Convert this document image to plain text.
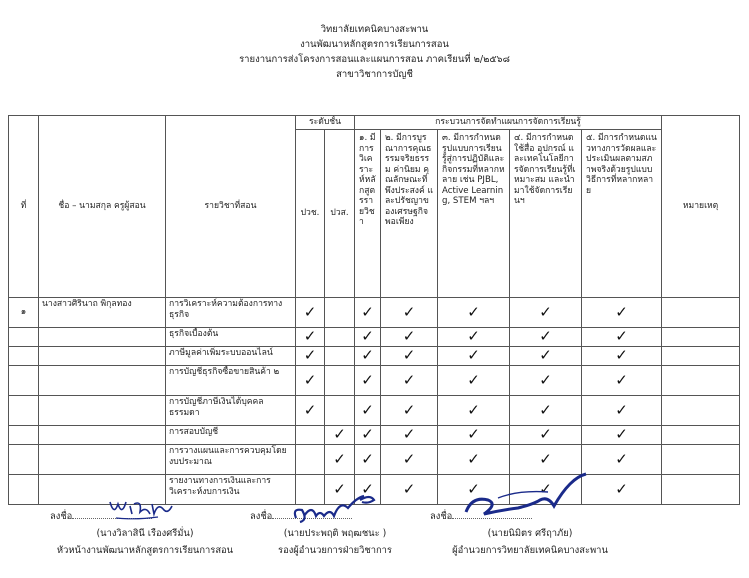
วิทยาลัยเทคนิคบางสะพาน
งานพัฒนาหลักสูตรการเรียนการสอน
รายงานการส่งโครงการสอนและแผนการสอน ภาคเรียนที่ ๒/๒๕๖๘
สาขาวิชาการบัญชี
ที่	ชื่อ – นามสกุล ครูผู้สอน	รายวิชาที่สอน	ระดับชั้น		กระบวนการจัดทำแผนการจัดการเรียนรู้					หมายเหตุ
			ปวช.	ปวส.	๑. มีการวิเคราะห์หลักสูตรรายวิชา	๒. มีการบูรณาการคุณธรรมจริยธรรม ค่านิยม คุณลักษณะที่พึงประสงค์ และปรัชญาของเศรษฐกิจพอเพียง	๓. มีการกำหนดรูปแบบการเรียนรู้สู่การปฏิบัติและกิจกรรมที่หลากหลาย เช่น PJBL, Active Learning, STEM ฯลฯ	๔. มีการกำหนดใช้สื่อ อุปกรณ์ และเทคโนโลยีการจัดการเรียนรู้ที่เหมาะสม และนำมาใช้จัดการเรียนฯ	๕. มีการกำหนดแนวทางการวัดผลและประเมินผลตามสภาพจริงด้วยรูปแบบวิธีการที่หลากหลาย	
๑	นางสาวศิรินาถ พิกุลทอง	การวิเคราะห์ความต้องการทางธุรกิจ	✓		✓	✓	✓	✓	✓	
		ธุรกิจเบื้องต้น	✓		✓	✓	✓	✓	✓	
		ภาษีมูลค่าเพิ่มระบบออนไลน์	✓		✓	✓	✓	✓	✓	
		การบัญชีธุรกิจซื้อขายสินค้า ๒	✓		✓	✓	✓	✓	✓	
		การบัญชีภาษีเงินได้บุคคลธรรมดา	✓		✓	✓	✓	✓	✓	
		การสอบบัญชี		✓	✓	✓	✓	✓	✓	
		การวางแผนและการควบคุมโดยงบประมาณ		✓	✓	✓	✓	✓	✓	
		รายงานทางการเงินและการวิเคราะห์งบการเงิน		✓	✓	✓	✓	✓	✓	
ลงชื่อ
(นางวิลาสินี เรืองศรีมั่น)
หัวหน้างานพัฒนาหลักสูตรการเรียนการสอน
ลงชื่อ
(นายประพฤติ พฤฒชนะ )
รองผู้อำนวยการฝ่ายวิชาการ
ลงชื่อ
(นายนิมิตร ศรีฤาภัย)
ผู้อำนวยการวิทยาลัยเทคนิคบางสะพาน
